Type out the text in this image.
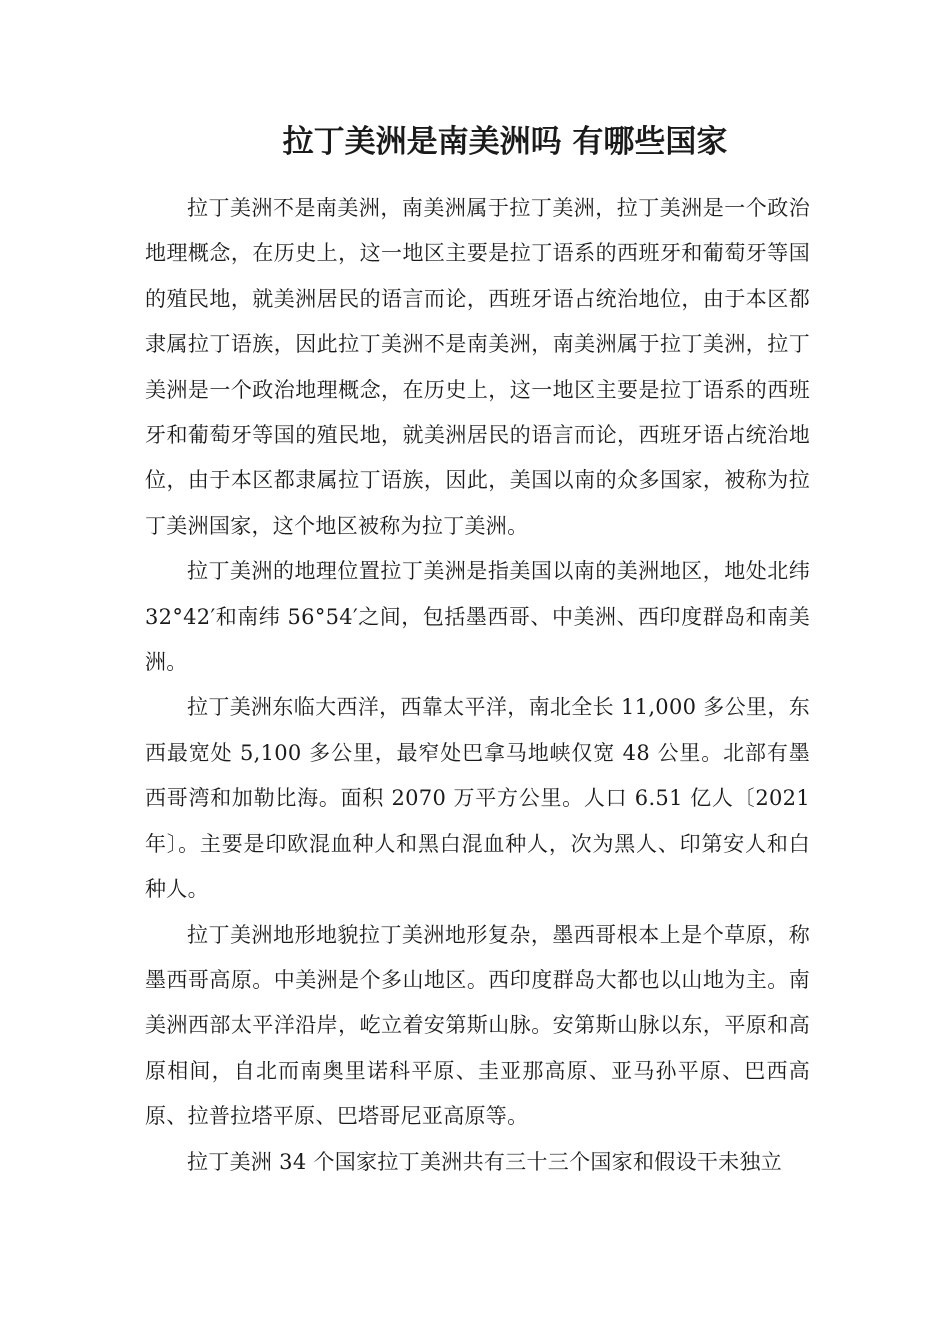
拉丁美洲是南美洲吗 有哪些国家

拉丁美洲不是南美洲，南美洲属于拉丁美洲，拉丁美洲是一个政治地理概念，在历史上，这一地区主要是拉丁语系的西班牙和葡萄牙等国的殖民地，就美洲居民的语言而论，西班牙语占统治地位，由于本区都隶属拉丁语族，因此拉丁美洲不是南美洲，南美洲属于拉丁美洲，拉丁美洲是一个政治地理概念，在历史上，这一地区主要是拉丁语系的西班牙和葡萄牙等国的殖民地，就美洲居民的语言而论，西班牙语占统治地位，由于本区都隶属拉丁语族，因此，美国以南的众多国家，被称为拉丁美洲国家，这个地区被称为拉丁美洲。

拉丁美洲的地理位置拉丁美洲是指美国以南的美洲地区，地处北纬 32°42′和南纬 56°54′之间，包括墨西哥、中美洲、西印度群岛和南美洲。

拉丁美洲东临大西洋，西靠太平洋，南北全长 11,000 多公里，东西最宽处 5,100 多公里，最窄处巴拿马地峡仅宽 48 公里。北部有墨西哥湾和加勒比海。面积 2070 万平方公里。人口 6.51 亿人〔2021 年〕。主要是印欧混血种人和黑白混血种人，次为黑人、印第安人和白种人。

拉丁美洲地形地貌拉丁美洲地形复杂，墨西哥根本上是个草原，称墨西哥高原。中美洲是个多山地区。西印度群岛大都也以山地为主。南美洲西部太平洋沿岸，屹立着安第斯山脉。安第斯山脉以东，平原和高原相间，自北而南奥里诺科平原、圭亚那高原、亚马孙平原、巴西高原、拉普拉塔平原、巴塔哥尼亚高原等。

拉丁美洲 34 个国家拉丁美洲共有三十三个国家和假设干未独立
